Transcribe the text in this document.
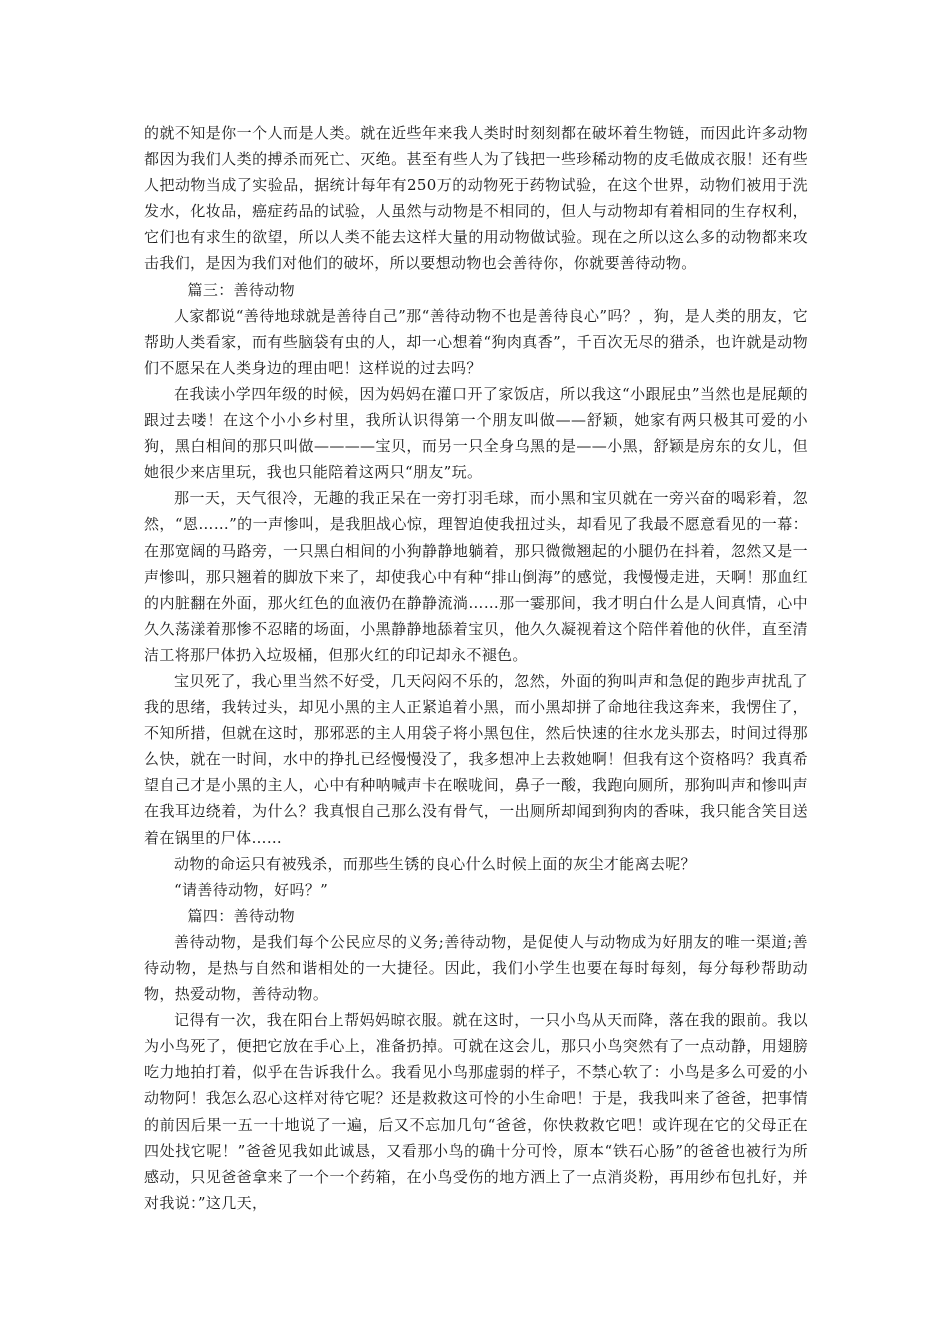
的就不知是你一个人而是人类。就在近些年来我人类时时刻刻都在破坏着生物链，而因此许多动物都因为我们人类的搏杀而死亡、灭绝。甚至有些人为了钱把一些珍稀动物的皮毛做成衣服！还有些人把动物当成了实验品，据统计每年有250万的动物死于药物试验，在这个世界，动物们被用于洗发水，化妆品，癌症药品的试验，人虽然与动物是不相同的，但人与动物却有着相同的生存权利，它们也有求生的欲望，所以人类不能去这样大量的用动物做试验。现在之所以这么多的动物都来攻击我们，是因为我们对他们的破坏，所以要想动物也会善待你，你就要善待动物。

篇三：善待动物

人家都说“善待地球就是善待自己”那“善待动物不也是善待良心”吗？，狗，是人类的朋友，它帮助人类看家，而有些脑袋有虫的人，却一心想着“狗肉真香”，千百次无尽的猎杀，也许就是动物们不愿呆在人类身边的理由吧！这样说的过去吗？

在我读小学四年级的时候，因为妈妈在灌口开了家饭店，所以我这“小跟屁虫”当然也是屁颠的跟过去喽！在这个小小乡村里，我所认识得第一个朋友叫做——舒颖，她家有两只极其可爱的小狗，黑白相间的那只叫做————宝贝，而另一只全身乌黑的是——小黑，舒颖是房东的女儿，但她很少来店里玩，我也只能陪着这两只“朋友”玩。

那一天，天气很冷，无趣的我正呆在一旁打羽毛球，而小黑和宝贝就在一旁兴奋的喝彩着，忽然，“恩……”的一声惨叫，是我胆战心惊，理智迫使我扭过头，却看见了我最不愿意看见的一幕：在那宽阔的马路旁，一只黑白相间的小狗静静地躺着，那只微微翘起的小腿仍在抖着，忽然又是一声惨叫，那只翘着的脚放下来了，却使我心中有种“排山倒海”的感觉，我慢慢走进，天啊！那血红的内脏翻在外面，那火红色的血液仍在静静流淌……那一霎那间，我才明白什么是人间真情，心中久久荡漾着那惨不忍睹的场面，小黑静静地舔着宝贝，他久久凝视着这个陪伴着他的伙伴，直至清洁工将那尸体扔入垃圾桶，但那火红的印记却永不褪色。

宝贝死了，我心里当然不好受，几天闷闷不乐的，忽然，外面的狗叫声和急促的跑步声扰乱了我的思绪，我转过头，却见小黑的主人正紧追着小黑，而小黑却拼了命地往我这奔来，我愣住了，不知所措，但就在这时，那邪恶的主人用袋子将小黑包住，然后快速的往水龙头那去，时间过得那么快，就在一时间，水中的挣扎已经慢慢没了，我多想冲上去救她啊！但我有这个资格吗？我真希望自己才是小黑的主人，心中有种呐喊声卡在喉咙间，鼻子一酸，我跑向厕所，那狗叫声和惨叫声在我耳边绕着，为什么？我真恨自己那么没有骨气，一出厕所却闻到狗肉的香味，我只能含笑目送着在锅里的尸体……

动物的命运只有被残杀，而那些生锈的良心什么时候上面的灰尘才能离去呢？

“请善待动物，好吗？”

篇四：善待动物

善待动物，是我们每个公民应尽的义务;善待动物，是促使人与动物成为好朋友的唯一渠道;善待动物，是热与自然和谐相处的一大捷径。因此，我们小学生也要在每时每刻，每分每秒帮助动物，热爱动物，善待动物。

记得有一次，我在阳台上帮妈妈晾衣服。就在这时，一只小鸟从天而降，落在我的跟前。我以为小鸟死了，便把它放在手心上，准备扔掉。可就在这会儿，那只小鸟突然有了一点动静，用翅膀吃力地拍打着，似乎在告诉我什么。我看见小鸟那虚弱的样子，不禁心软了：小鸟是多么可爱的小动物阿！我怎么忍心这样对待它呢？还是救救这可怜的小生命吧！于是，我我叫来了爸爸，把事情的前因后果一五一十地说了一遍，后又不忘加几句“爸爸，你快救救它吧！或许现在它的父母正在四处找它呢！”爸爸见我如此诚恳，又看那小鸟的确十分可怜，原本“铁石心肠”的爸爸也被行为所感动，只见爸爸拿来了一个一个药箱，在小鸟受伤的地方洒上了一点消炎粉，再用纱布包扎好，并对我说：”这几天，
